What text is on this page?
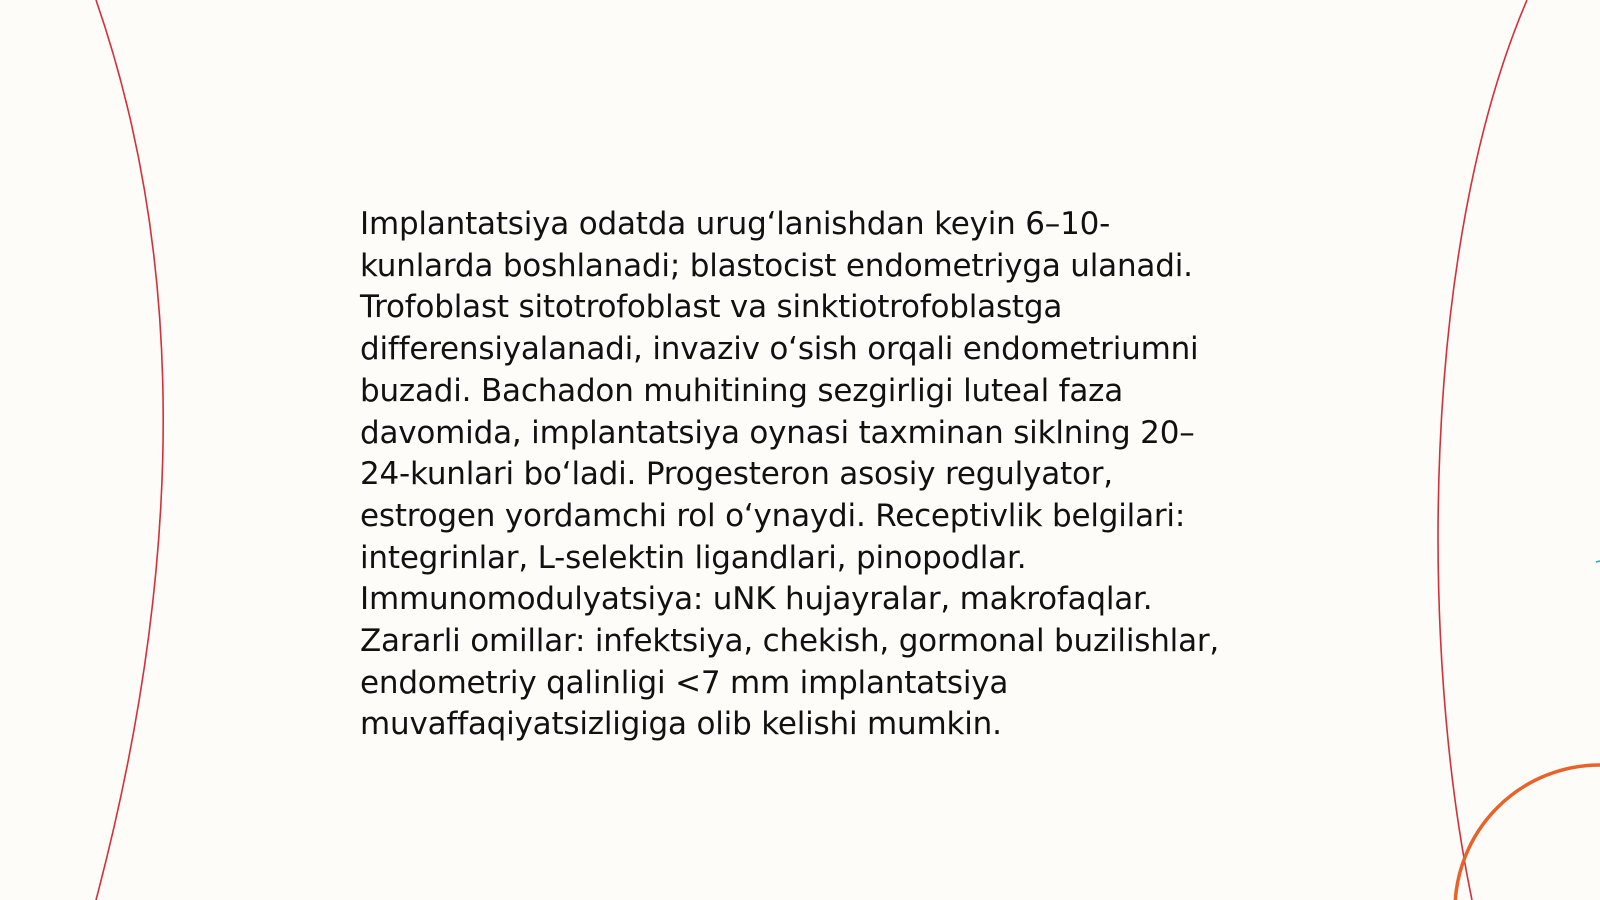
Implantatsiya odatda urug‘lanishdan keyin 6–10-kunlarda boshlanadi; blastocist endometriyga ulanadi. Trofoblast sitotrofoblast va sinktiotrofoblastga differensiyalanadi, invaziv o‘sish orqali endometriumni buzadi. Bachadon muhitining sezgirligi luteal faza davomida, implantatsiya oynasi taxminan siklning 20–24-kunlari bo‘ladi. Progesteron asosiy regulyator, estrogen yordamchi rol o‘ynaydi. Receptivlik belgilari: integrinlar, L-selektin ligandlari, pinopodlar. Immunomodulyatsiya: uNK hujayralar, makrofaqlar. Zararli omillar: infektsiya, chekish, gormonal buzilishlar, endometriy qalinligi <7 mm implantatsiya muvaffaqiyatsizligiga olib kelishi mumkin.
